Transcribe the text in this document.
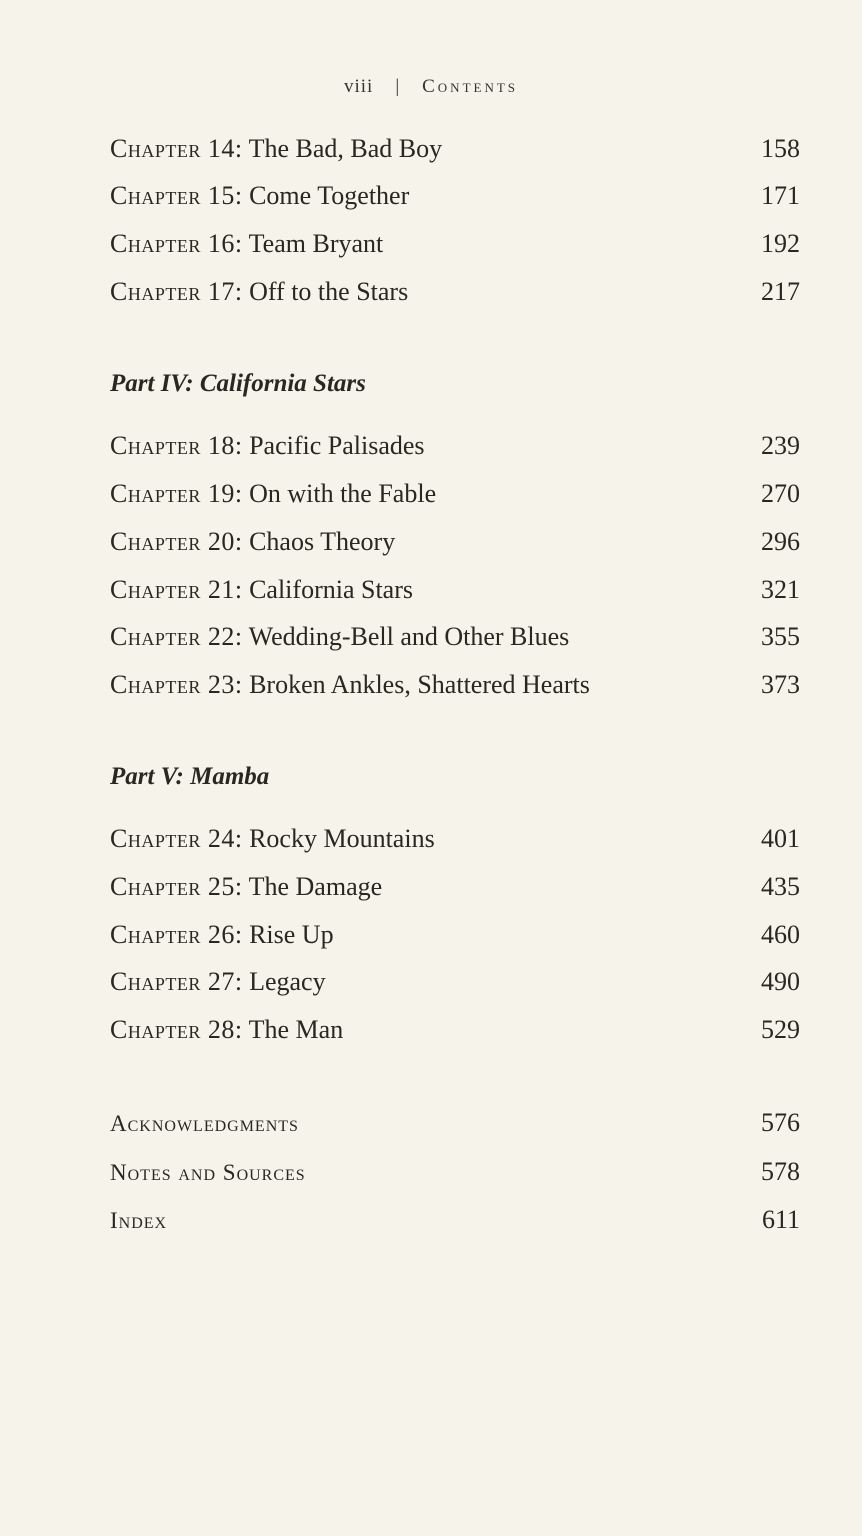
viii | Contents
Chapter 14: The Bad, Bad Boy	158
Chapter 15: Come Together	171
Chapter 16: Team Bryant	192
Chapter 17: Off to the Stars	217
Part IV: California Stars
Chapter 18: Pacific Palisades	239
Chapter 19: On with the Fable	270
Chapter 20: Chaos Theory	296
Chapter 21: California Stars	321
Chapter 22: Wedding-Bell and Other Blues	355
Chapter 23: Broken Ankles, Shattered Hearts	373
Part V: Mamba
Chapter 24: Rocky Mountains	401
Chapter 25: The Damage	435
Chapter 26: Rise Up	460
Chapter 27: Legacy	490
Chapter 28: The Man	529
Acknowledgments	576
Notes and Sources	578
Index	611
